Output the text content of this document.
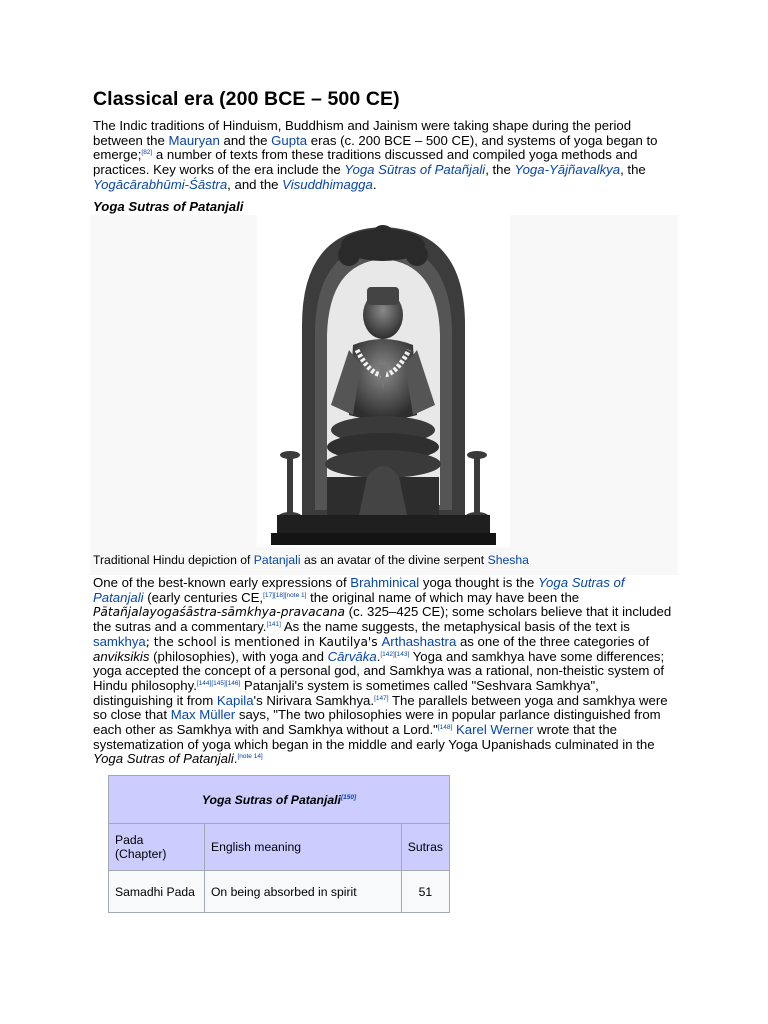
Classical era (200 BCE – 500 CE)
The Indic traditions of Hinduism, Buddhism and Jainism were taking shape during the period between the Mauryan and the Gupta eras (c. 200 BCE – 500 CE), and systems of yoga began to emerge;[82] a number of texts from these traditions discussed and compiled yoga methods and practices. Key works of the era include the Yoga Sūtras of Patañjali, the Yoga-Yājñavalkya, the Yogācārabhūmi-Śāstra, and the Visuddhimagga.
Yoga Sutras of Patanjali
Traditional Hindu depiction of Patanjali as an avatar of the divine serpent Shesha
One of the best-known early expressions of Brahminical yoga thought is the Yoga Sutras of Patanjali (early centuries CE,[17][18][note 1] the original name of which may have been the Pātañjalayogaśāstra-sāmkhya-pravacana (c. 325–425 CE); some scholars believe that it included the sutras and a commentary.[141] As the name suggests, the metaphysical basis of the text is samkhya; the school is mentioned in Kautilya's Arthashastra as one of the three categories of anviksikis (philosophies), with yoga and Cārvāka.[142][143] Yoga and samkhya have some differences; yoga accepted the concept of a personal god, and Samkhya was a rational, non-theistic system of Hindu philosophy.[144][145][146] Patanjali's system is sometimes called "Seshvara Samkhya", distinguishing it from Kapila's Nirivara Samkhya.[147] The parallels between yoga and samkhya were so close that Max Müller says, "The two philosophies were in popular parlance distinguished from each other as Samkhya with and Samkhya without a Lord."[148] Karel Werner wrote that the systematization of yoga which began in the middle and early Yoga Upanishads culminated in the Yoga Sutras of Patanjali.[note 14]
Yoga Sutras of Patanjali[150]
Pada (Chapter)	English meaning	Sutras
Samadhi Pada	On being absorbed in spirit	51
